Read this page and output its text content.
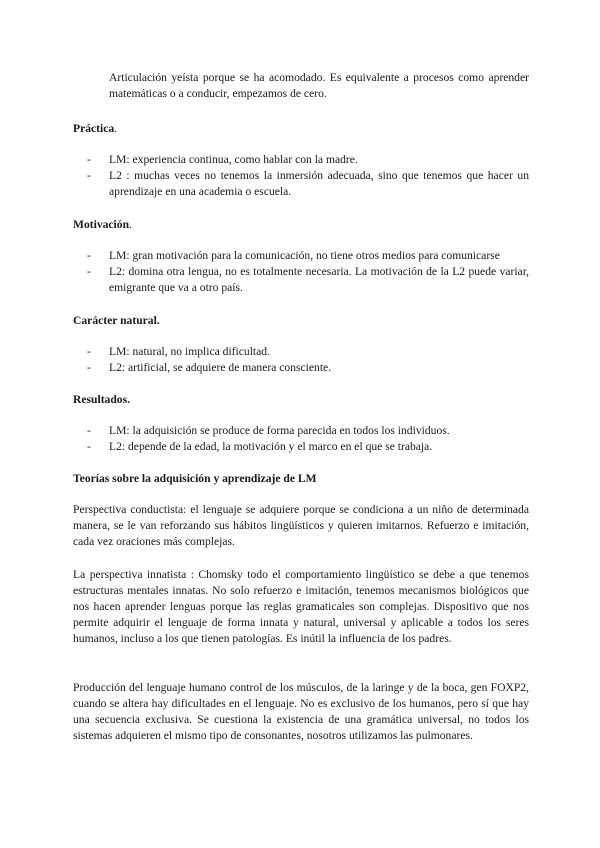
Articulación yeísta porque se ha acomodado. Es equivalente a procesos como aprender matemáticas o a conducir, empezamos de cero.

Práctica.
- LM: experiencia continua, como hablar con la madre.
- L2 : muchas veces no tenemos la inmersión adecuada, sino que tenemos que hacer un aprendizaje en una academia o escuela.
Motivación.
- LM: gran motivación para la comunicación, no tiene otros medios para comunicarse
- L2: domina otra lengua, no es totalmente necesaria. La motivación de la L2 puede variar, emigrante que va a otro país.
Carácter natural.
- LM: natural, no implica dificultad.
- L2: artificial, se adquiere de manera consciente.
Resultados.
- LM: la adquisición se produce de forma parecida en todos los individuos.
- L2: depende de la edad, la motivación y el marco en el que se trabaja.
Teorías sobre la adquisición y aprendizaje de LM

Perspectiva conductista: el lenguaje se adquiere porque se condiciona a un niño de determinada manera, se le van reforzando sus hábitos lingüísticos y quieren imitarnos. Refuerzo e imitación, cada vez oraciones más complejas.

La perspectiva innatista : Chomsky todo el comportamiento lingüístico se debe a que tenemos estructuras mentales innatas. No solo refuerzo e imitación, tenemos mecanismos biológicos que nos hacen aprender lenguas porque las reglas gramaticales son complejas. Dispositivo que nos permite adquirir el lenguaje de forma innata y natural, universal y aplicable a todos los seres humanos, incluso a los que tienen patologías. Es inútil la influencia de los padres.

Producción del lenguaje humano control de los músculos, de la laringe y de la boca, gen FOXP2, cuando se altera hay dificultades en el lenguaje. No es exclusivo de los humanos, pero sí que hay una secuencia exclusiva. Se cuestiona la existencia de una gramática universal, no todos los sistemas adquieren el mismo tipo de consonantes, nosotros utilizamos las pulmonares.
